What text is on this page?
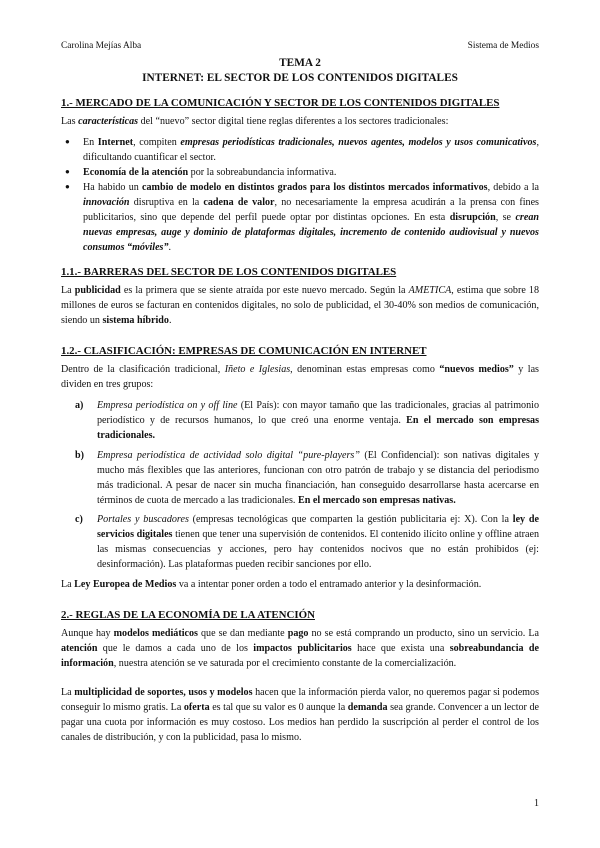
Carolina Mejías Alba	Sistema de Medios
TEMA 2
INTERNET: EL SECTOR DE LOS CONTENIDOS DIGITALES
1.- MERCADO DE LA COMUNICACIÓN Y SECTOR DE LOS CONTENIDOS DIGITALES
Las características del “nuevo” sector digital tiene reglas diferentes a los sectores tradicionales:
● En Internet, compiten empresas periodísticas tradicionales, nuevos agentes, modelos y usos comunicativos, dificultando cuantificar el sector.
● Economía de la atención por la sobreabundancia informativa.
● Ha habido un cambio de modelo en distintos grados para los distintos mercados informativos, debido a la innovación disruptiva en la cadena de valor, no necesariamente la empresa acudirán a la prensa con fines publicitarios, sino que depende del perfil puede optar por distintas opciones. En esta disrupción, se crean nuevas empresas, auge y dominio de plataformas digitales, incremento de contenido audiovisual y nuevos consumos “móviles”.
1.1.- BARRERAS DEL SECTOR DE LOS CONTENIDOS DIGITALES
La publicidad es la primera que se siente atraída por este nuevo mercado. Según la AMETICA, estima que sobre 18 millones de euros se facturan en contenidos digitales, no solo de publicidad, el 30-40% son medios de comunicación, siendo un sistema híbrido.
1.2.- CLASIFICACIÓN: EMPRESAS DE COMUNICACIÓN EN INTERNET
Dentro de la clasificación tradicional, Iñeto e Iglesias, denominan estas empresas como “nuevos medios” y las dividen en tres grupos:
a) Empresa periodística on y off line (El País): con mayor tamaño que las tradicionales, gracias al patrimonio periodístico y de recursos humanos, lo que creó una enorme ventaja. En el mercado son empresas tradicionales.
b) Empresa periodística de actividad solo digital “pure-players” (El Confidencial): son nativas digitales y mucho más flexibles que las anteriores, funcionan con otro patrón de trabajo y se distancia del periodismo más tradicional. A pesar de nacer sin mucha financiación, han conseguido desarrollarse hasta acercarse en términos de cuota de mercado a las tradicionales. En el mercado son empresas nativas.
c) Portales y buscadores (empresas tecnológicas que comparten la gestión publicitaria ej: X). Con la ley de servicios digitales tienen que tener una supervisión de contenidos. El contenido ilícito online y offline atraen las mismas consecuencias y acciones, pero hay contenidos nocivos que no están prohibidos (ej: desinformación). Las plataformas pueden recibir sanciones por ello.
La Ley Europea de Medios va a intentar poner orden a todo el entramado anterior y la desinformación.
2.- REGLAS DE LA ECONOMÍA DE LA ATENCIÓN
Aunque hay modelos mediáticos que se dan mediante pago no se está comprando un producto, sino un servicio. La atención que le damos a cada uno de los impactos publicitarios hace que exista una sobreabundancia de información, nuestra atención se ve saturada por el crecimiento constante de la comercialización.
La multiplicidad de soportes, usos y modelos hacen que la información pierda valor, no queremos pagar si podemos conseguir lo mismo gratis. La oferta es tal que su valor es 0 aunque la demanda sea grande. Convencer a un lector de pagar una cuota por información es muy costoso. Los medios han perdido la suscripción al perder el control de los canales de distribución, y con la publicidad, pasa lo mismo.
1
